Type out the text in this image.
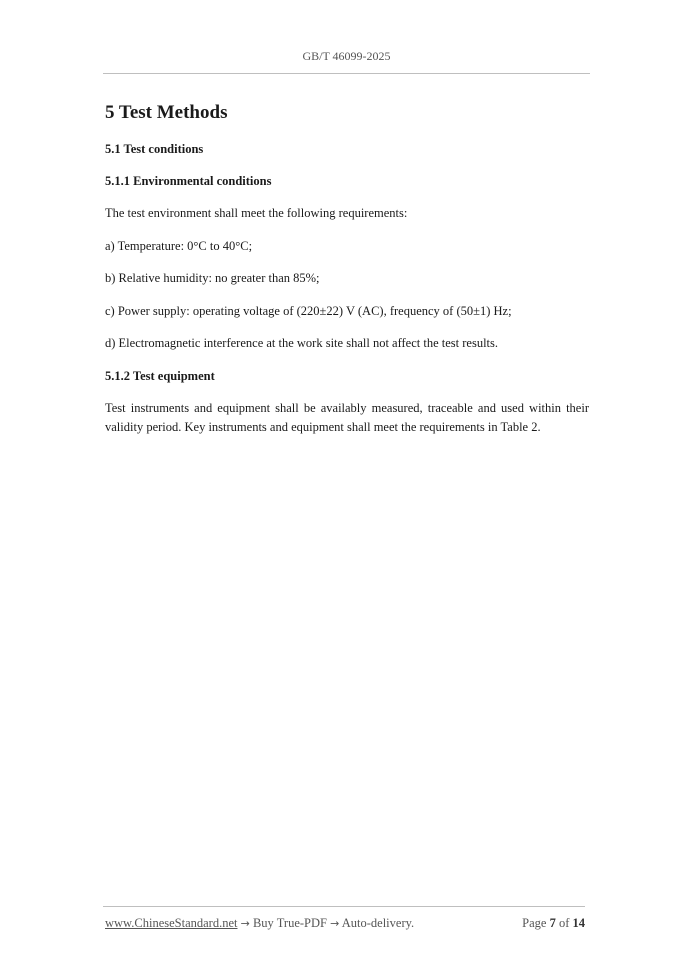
GB/T 46099-2025
5 Test Methods
5.1 Test conditions
5.1.1 Environmental conditions
The test environment shall meet the following requirements:
a) Temperature: 0°C to 40°C;
b) Relative humidity: no greater than 85%;
c) Power supply: operating voltage of (220±22) V (AC), frequency of (50±1) Hz;
d) Electromagnetic interference at the work site shall not affect the test results.
5.1.2 Test equipment
Test instruments and equipment shall be availably measured, traceable and used within their validity period. Key instruments and equipment shall meet the requirements in Table 2.
www.ChineseStandard.net → Buy True-PDF → Auto-delivery.	Page 7 of 14
